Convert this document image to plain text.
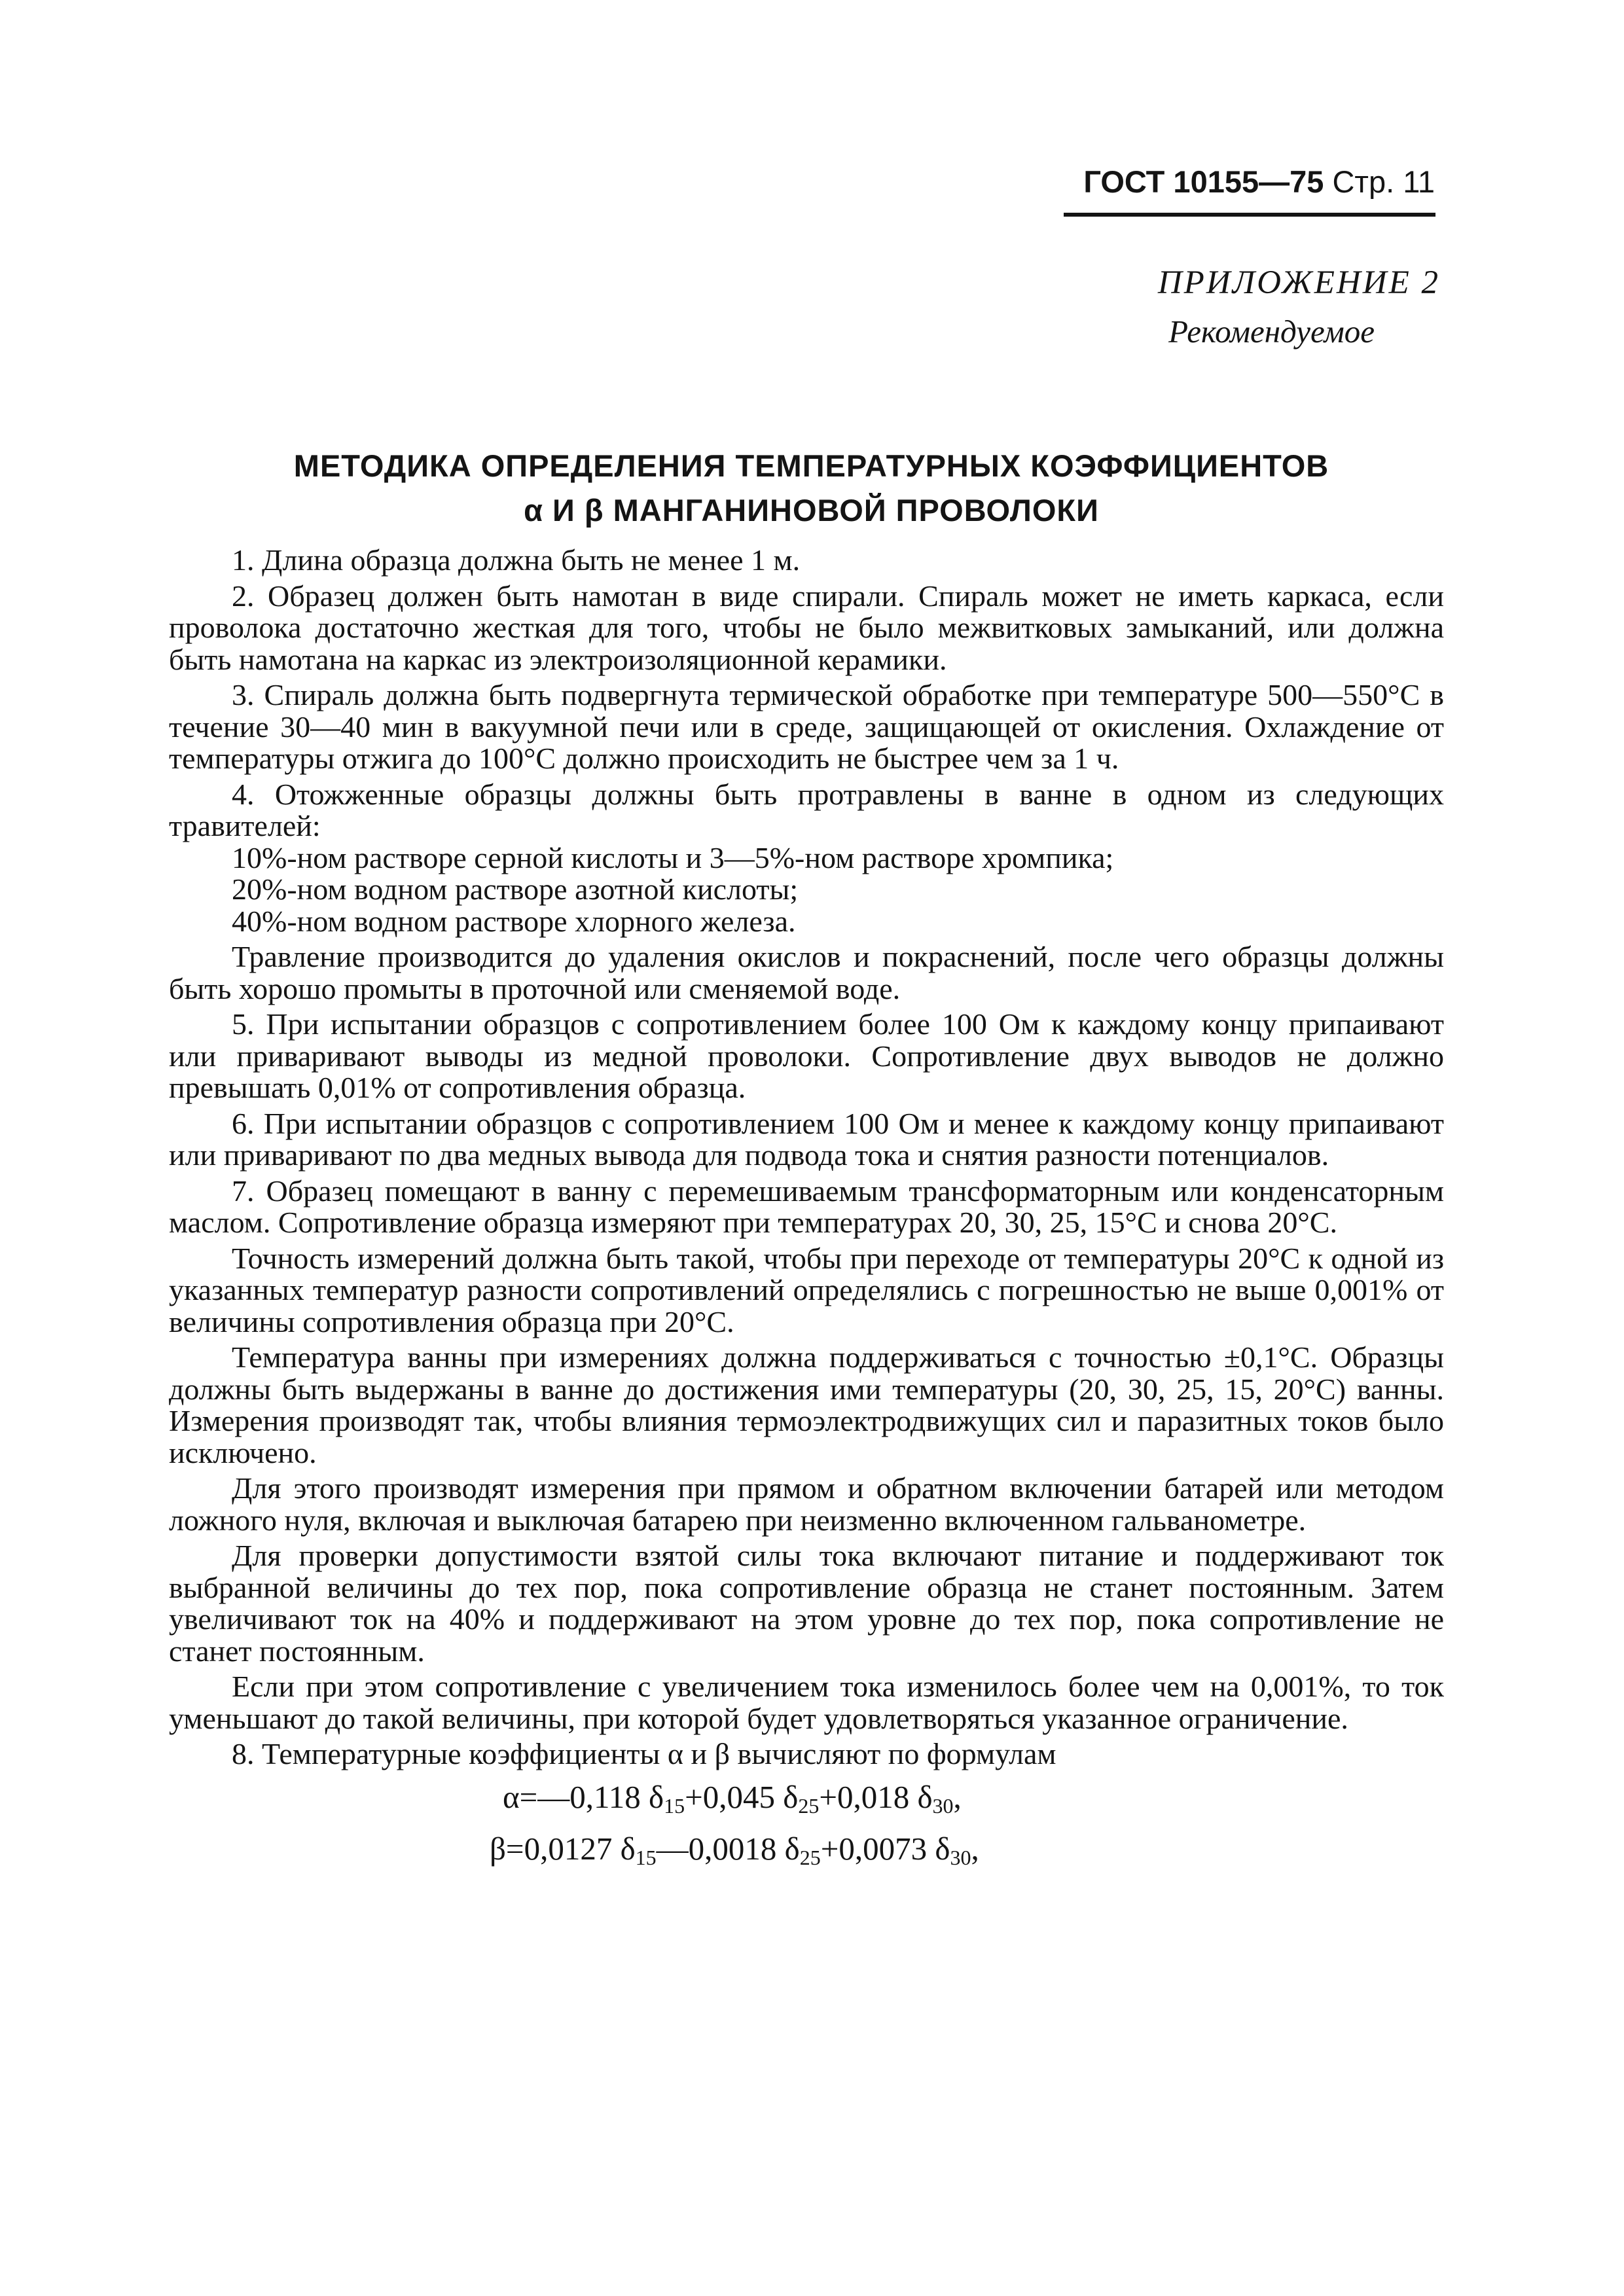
ГОСТ 10155—75 Стр. 11
ПРИЛОЖЕНИЕ 2
Рекомендуемое
МЕТОДИКА ОПРЕДЕЛЕНИЯ ТЕМПЕРАТУРНЫХ КОЭФФИЦИЕНТОВ
α И β МАНГАНИНОВОЙ ПРОВОЛОКИ

1. Длина образца должна быть не менее 1 м.

2. Образец должен быть намотан в виде спирали. Спираль может не иметь каркаса, если проволока достаточно жесткая для того, чтобы не было межвитковых замыканий, или должна быть намотана на каркас из электроизоляционной керамики.

3. Спираль должна быть подвергнута термической обработке при температуре 500—550°С в течение 30—40 мин в вакуумной печи или в среде, защищающей от окисления. Охлаждение от температуры отжига до 100°С должно происходить не быстрее чем за 1 ч.

4. Отожженные образцы должны быть протравлены в ванне в одном из следующих травителей:

10%-ном растворе серной кислоты и 3—5%-ном растворе хромпика;

20%-ном водном растворе азотной кислоты;

40%-ном водном растворе хлорного железа.

Травление производится до удаления окислов и покраснений, после чего образцы должны быть хорошо промыты в проточной или сменяемой воде.

5. При испытании образцов с сопротивлением более 100 Ом к каждому концу припаивают или приваривают выводы из медной проволоки. Сопротивление двух выводов не должно превышать 0,01% от сопротивления образца.

6. При испытании образцов с сопротивлением 100 Ом и менее к каждому концу припаивают или приваривают по два медных вывода для подвода тока и снятия разности потенциалов.

7. Образец помещают в ванну с перемешиваемым трансформаторным или конденсаторным маслом. Сопротивление образца измеряют при температурах 20, 30, 25, 15°С и снова 20°С.

Точность измерений должна быть такой, чтобы при переходе от температуры 20°С к одной из указанных температур разности сопротивлений определялись с погрешностью не выше 0,001% от величины сопротивления образца при 20°С.

Температура ванны при измерениях должна поддерживаться с точностью ±0,1°С. Образцы должны быть выдержаны в ванне до достижения ими температуры (20, 30, 25, 15, 20°С) ванны. Измерения производят так, чтобы влияния термоэлектродвижущих сил и паразитных токов было исключено.

Для этого производят измерения при прямом и обратном включении батарей или методом ложного нуля, включая и выключая батарею при неизменно включенном гальванометре.

Для проверки допустимости взятой силы тока включают питание и поддерживают ток выбранной величины до тех пор, пока сопротивление образца не станет постоянным. Затем увеличивают ток на 40% и поддерживают на этом уровне до тех пор, пока сопротивление не станет постоянным.

Если при этом сопротивление с увеличением тока изменилось более чем на 0,001%, то ток уменьшают до такой величины, при которой будет удовлетворяться указанное ограничение.

8. Температурные коэффициенты α и β вычисляют по формулам

α=—0,118 $\delta_{15}+0,045$ $\delta_{25}+0,018$ $\delta_{30}$,
β=0,0127 $\delta_{15}—0,0018$ $\delta_{25}+0,0073$ $\delta_{30}$,
